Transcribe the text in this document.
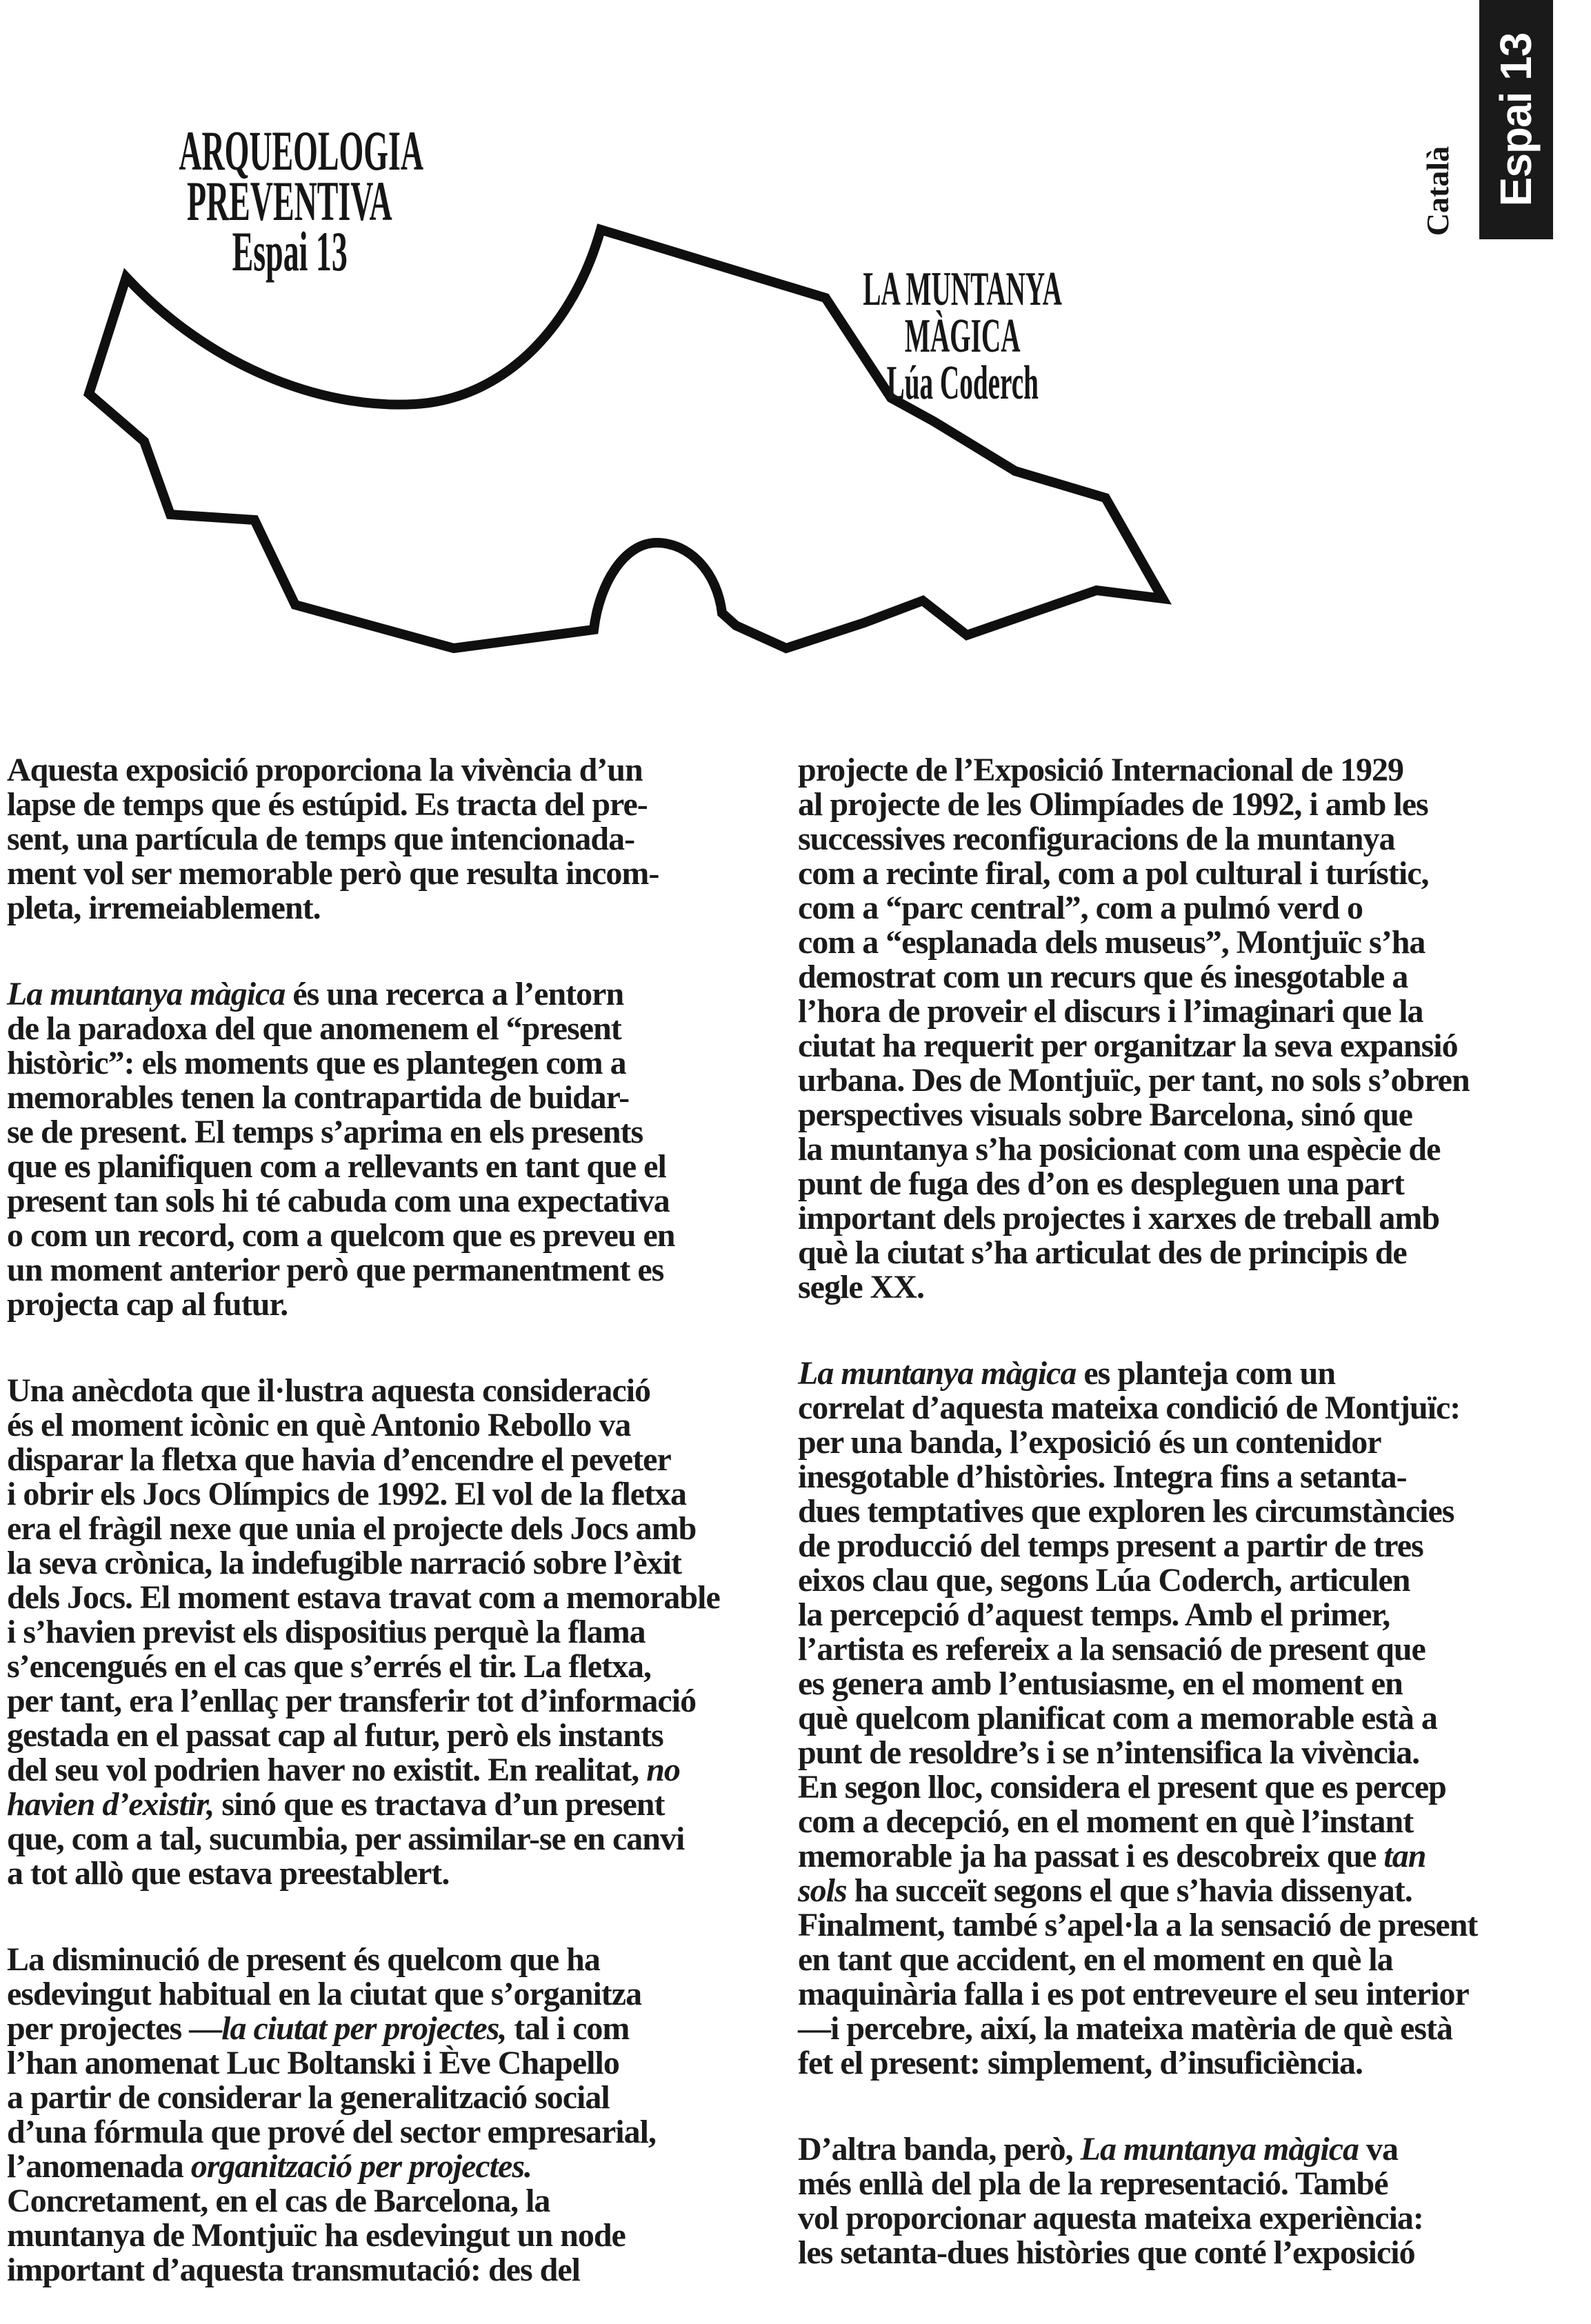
ARQUEOLOGIA
PREVENTIVA
Espai 13
LA MUNTANYA
MÀGICA
Lúa Coderch
Català Espai 13
Aquesta exposició proporciona la vivència d’un
lapse de temps que és estúpid. Es tracta del pre-
sent, una partícula de temps que intencionada-
ment vol ser memorable però que resulta incom-
pleta, irremeiablement.
La muntanya màgica és una recerca a l’entorn
de la paradoxa del que anomenem el “present
històric”: els moments que es plantegen com a
memorables tenen la contrapartida de buidar-
se de present. El temps s’aprima en els presents
que es planifiquen com a rellevants en tant que el
present tan sols hi té cabuda com una expectativa
o com un record, com a quelcom que es preveu en
un moment anterior però que permanentment es
projecta cap al futur.
Una anècdota que il·lustra aquesta consideració
és el moment icònic en què Antonio Rebollo va
disparar la fletxa que havia d’encendre el peveter
i obrir els Jocs Olímpics de 1992. El vol de la fletxa
era el fràgil nexe que unia el projecte dels Jocs amb
la seva crònica, la indefugible narració sobre l’èxit
dels Jocs. El moment estava travat com a memorable
i s’havien previst els dispositius perquè la flama
s’encengués en el cas que s’errés el tir. La fletxa,
per tant, era l’enllaç per transferir tot d’informació
gestada en el passat cap al futur, però els instants
del seu vol podrien haver no existit. En realitat, no
havien d’existir, sinó que es tractava d’un present
que, com a tal, sucumbia, per assimilar-se en canvi
a tot allò que estava preestablert.
La disminució de present és quelcom que ha
esdevingut habitual en la ciutat que s’organitza
per projectes —la ciutat per projectes, tal i com
l’han anomenat Luc Boltanski i Ève Chapello
a partir de considerar la generalització social
d’una fórmula que prové del sector empresarial,
l’anomenada organització per projectes.
Concretament, en el cas de Barcelona, la
muntanya de Montjuïc ha esdevingut un node
important d’aquesta transmutació: des del
projecte de l’Exposició Internacional de 1929
al projecte de les Olimpíades de 1992, i amb les
successives reconfiguracions de la muntanya
com a recinte firal, com a pol cultural i turístic,
com a “parc central”, com a pulmó verd o
com a “esplanada dels museus”, Montjuïc s’ha
demostrat com un recurs que és inesgotable a
l’hora de proveir el discurs i l’imaginari que la
ciutat ha requerit per organitzar la seva expansió
urbana. Des de Montjuïc, per tant, no sols s’obren
perspectives visuals sobre Barcelona, sinó que
la muntanya s’ha posicionat com una espècie de
punt de fuga des d’on es despleguen una part
important dels projectes i xarxes de treball amb
què la ciutat s’ha articulat des de principis de
segle XX.
La muntanya màgica es planteja com un
correlat d’aquesta mateixa condició de Montjuïc:
per una banda, l’exposició és un contenidor
inesgotable d’històries. Integra fins a setanta-
dues temptatives que exploren les circumstàncies
de producció del temps present a partir de tres
eixos clau que, segons Lúa Coderch, articulen
la percepció d’aquest temps. Amb el primer,
l’artista es refereix a la sensació de present que
es genera amb l’entusiasme, en el moment en
què quelcom planificat com a memorable està a
punt de resoldre’s i se n’intensifica la vivència.
En segon lloc, considera el present que es percep
com a decepció, en el moment en què l’instant
memorable ja ha passat i es descobreix que tan
sols ha succeït segons el que s’havia dissenyat.
Finalment, també s’apel·la a la sensació de present
en tant que accident, en el moment en què la
maquinària falla i es pot entreveure el seu interior
—i percebre, així, la mateixa matèria de què està
fet el present: simplement, d’insuficiència.
D’altra banda, però, La muntanya màgica va
més enllà del pla de la representació. També
vol proporcionar aquesta mateixa experiència:
les setanta-dues històries que conté l’exposició
